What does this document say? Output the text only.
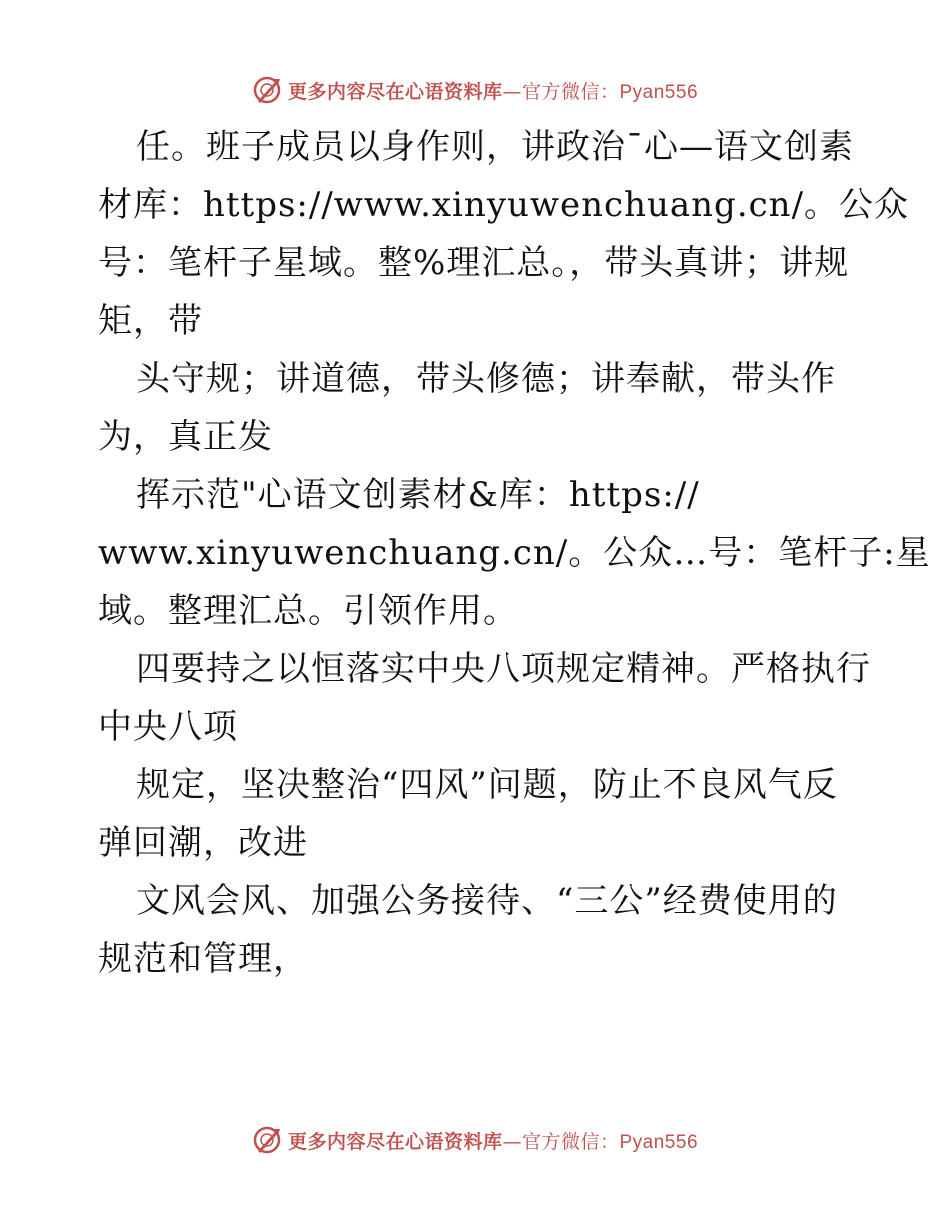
更多内容尽在心语资料库—官方微信：Pyan556
任。班子成员以身作则，讲政治¯心—语文创素
材库：https://www.xinyuwenchuang.cn/。公众
号：笔杆子星域。整%理汇总。，带头真讲；讲规
矩，带
头守规；讲道德，带头修德；讲奉献，带头作
为，真正发
挥示范"心语文创素材&库：https://
www.xinyuwenchuang.cn/。公众…号：笔杆子:星
域。整理汇总。引领作用。
四要持之以恒落实中央八项规定精神。严格执行
中央八项
规定，坚决整治“四风”问题，防止不良风气反
弹回潮，改进
文风会风、加强公务接待、“三公”经费使用的
规范和管理，
更多内容尽在心语资料库—官方微信：Pyan556
